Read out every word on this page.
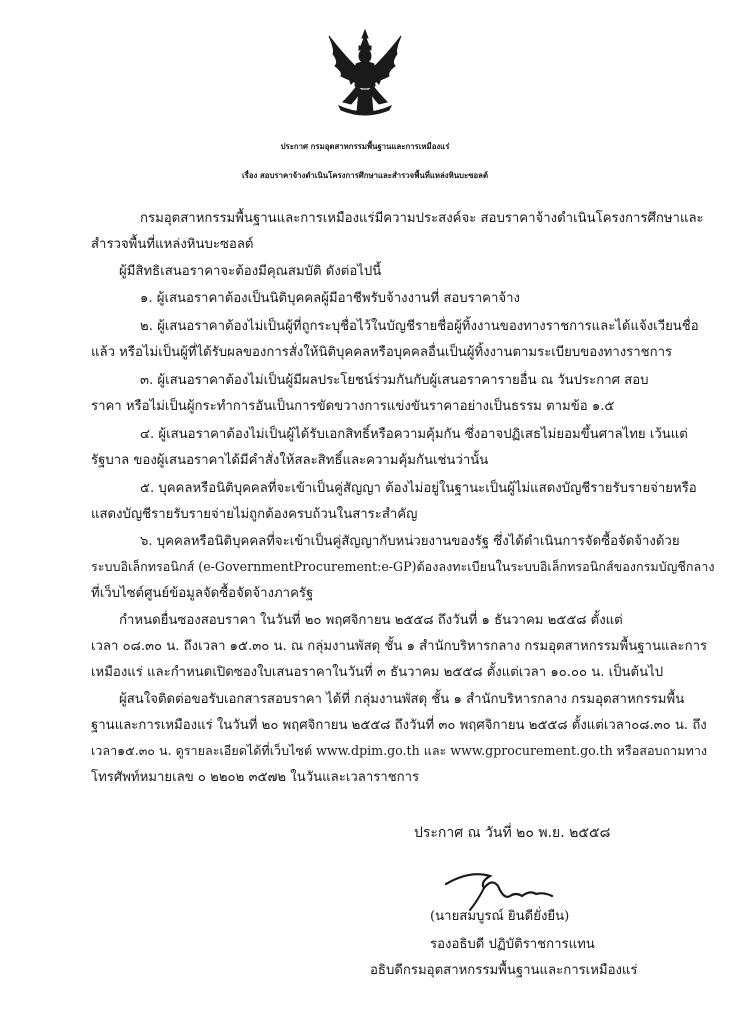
ประกาศ กรมอุตสาหกรรมพื้นฐานและการเหมืองแร่
เรื่อง สอบราคาจ้างดำเนินโครงการศึกษาและสำรวจพื้นที่แหล่งหินบะซอลต์
กรมอุตสาหกรรมพื้นฐานและการเหมืองแร่มีความประสงค์จะ สอบราคาจ้างดำเนินโครงการศึกษาและ
สำรวจพื้นที่แหล่งหินบะซอลต์
ผู้มีสิทธิเสนอราคาจะต้องมีคุณสมบัติ ดังต่อไปนี้
๑. ผู้เสนอราคาต้องเป็นนิติบุคคลผู้มีอาชีพรับจ้างงานที่ สอบราคาจ้าง
๒. ผู้เสนอราคาต้องไม่เป็นผู้ที่ถูกระบุชื่อไว้ในบัญชีรายชื่อผู้ทิ้งงานของทางราชการและได้แจ้งเวียนชื่อ
แล้ว หรือไม่เป็นผู้ที่ได้รับผลของการสั่งให้นิติบุคคลหรือบุคคลอื่นเป็นผู้ทิ้งงานตามระเบียบของทางราชการ
๓. ผู้เสนอราคาต้องไม่เป็นผู้มีผลประโยชน์ร่วมกันกับผู้เสนอราคารายอื่น ณ วันประกาศ สอบ
ราคา หรือไม่เป็นผู้กระทำการอันเป็นการขัดขวางการแข่งขันราคาอย่างเป็นธรรม ตามข้อ ๑.๕
๔. ผู้เสนอราคาต้องไม่เป็นผู้ได้รับเอกสิทธิ์หรือความคุ้มกัน ซึ่งอาจปฏิเสธไม่ยอมขึ้นศาลไทย เว้นแต่
รัฐบาล ของผู้เสนอราคาได้มีคำสั่งให้สละสิทธิ์และความคุ้มกันเช่นว่านั้น
๕. บุคคลหรือนิติบุคคลที่จะเข้าเป็นคู่สัญญา ต้องไม่อยู่ในฐานะเป็นผู้ไม่แสดงบัญชีรายรับรายจ่ายหรือ
แสดงบัญชีรายรับรายจ่ายไม่ถูกต้องครบถ้วนในสาระสำคัญ
๖. บุคคลหรือนิติบุคคลที่จะเข้าเป็นคู่สัญญากับหน่วยงานของรัฐ ซึ่งได้ดำเนินการจัดซื้อจัดจ้างด้วย
ระบบอิเล็กทรอนิกส์ (e-GovernmentProcurement:e-GP)ต้องลงทะเบียนในระบบอิเล็กทรอนิกส์ของกรมบัญชีกลาง
ที่เว็บไซต์ศูนย์ข้อมูลจัดซื้อจัดจ้างภาครัฐ
กำหนดยื่นซองสอบราคา ในวันที่ ๒๐ พฤศจิกายน ๒๕๕๘ ถึงวันที่ ๑ ธันวาคม ๒๕๕๘ ตั้งแต่
เวลา ๐๘.๓๐ น. ถึงเวลา ๑๕.๓๐ น. ณ กลุ่มงานพัสดุ ชั้น ๑ สำนักบริหารกลาง กรมอุตสาหกรรมพื้นฐานและการ
เหมืองแร่ และกำหนดเปิดซองใบเสนอราคาในวันที่ ๓ ธันวาคม ๒๕๕๘ ตั้งแต่เวลา ๑๐.๐๐ น. เป็นต้นไป
ผู้สนใจติดต่อขอรับเอกสารสอบราคา ได้ที่ กลุ่มงานพัสดุ ชั้น ๑ สำนักบริหารกลาง กรมอุตสาหกรรมพื้น
ฐานและการเหมืองแร่ ในวันที่ ๒๐ พฤศจิกายน ๒๕๕๘ ถึงวันที่ ๓๐ พฤศจิกายน ๒๕๕๘ ตั้งแต่เวลา๐๘.๓๐ น. ถึง
เวลา๑๕.๓๐ น. ดูรายละเอียดได้ที่เว็บไซต์ www.dpim.go.th และ www.gprocurement.go.th หรือสอบถามทาง
โทรศัพท์หมายเลข ๐ ๒๒๐๒ ๓๕๗๒ ในวันและเวลาราชการ
ประกาศ ณ วันที่ ๒๐ พ.ย. ๒๕๕๘
(นายสมบูรณ์ ยินดียั่งยืน)
รองอธิบดี ปฏิบัติราชการแทน
อธิบดีกรมอุตสาหกรรมพื้นฐานและการเหมืองแร่
